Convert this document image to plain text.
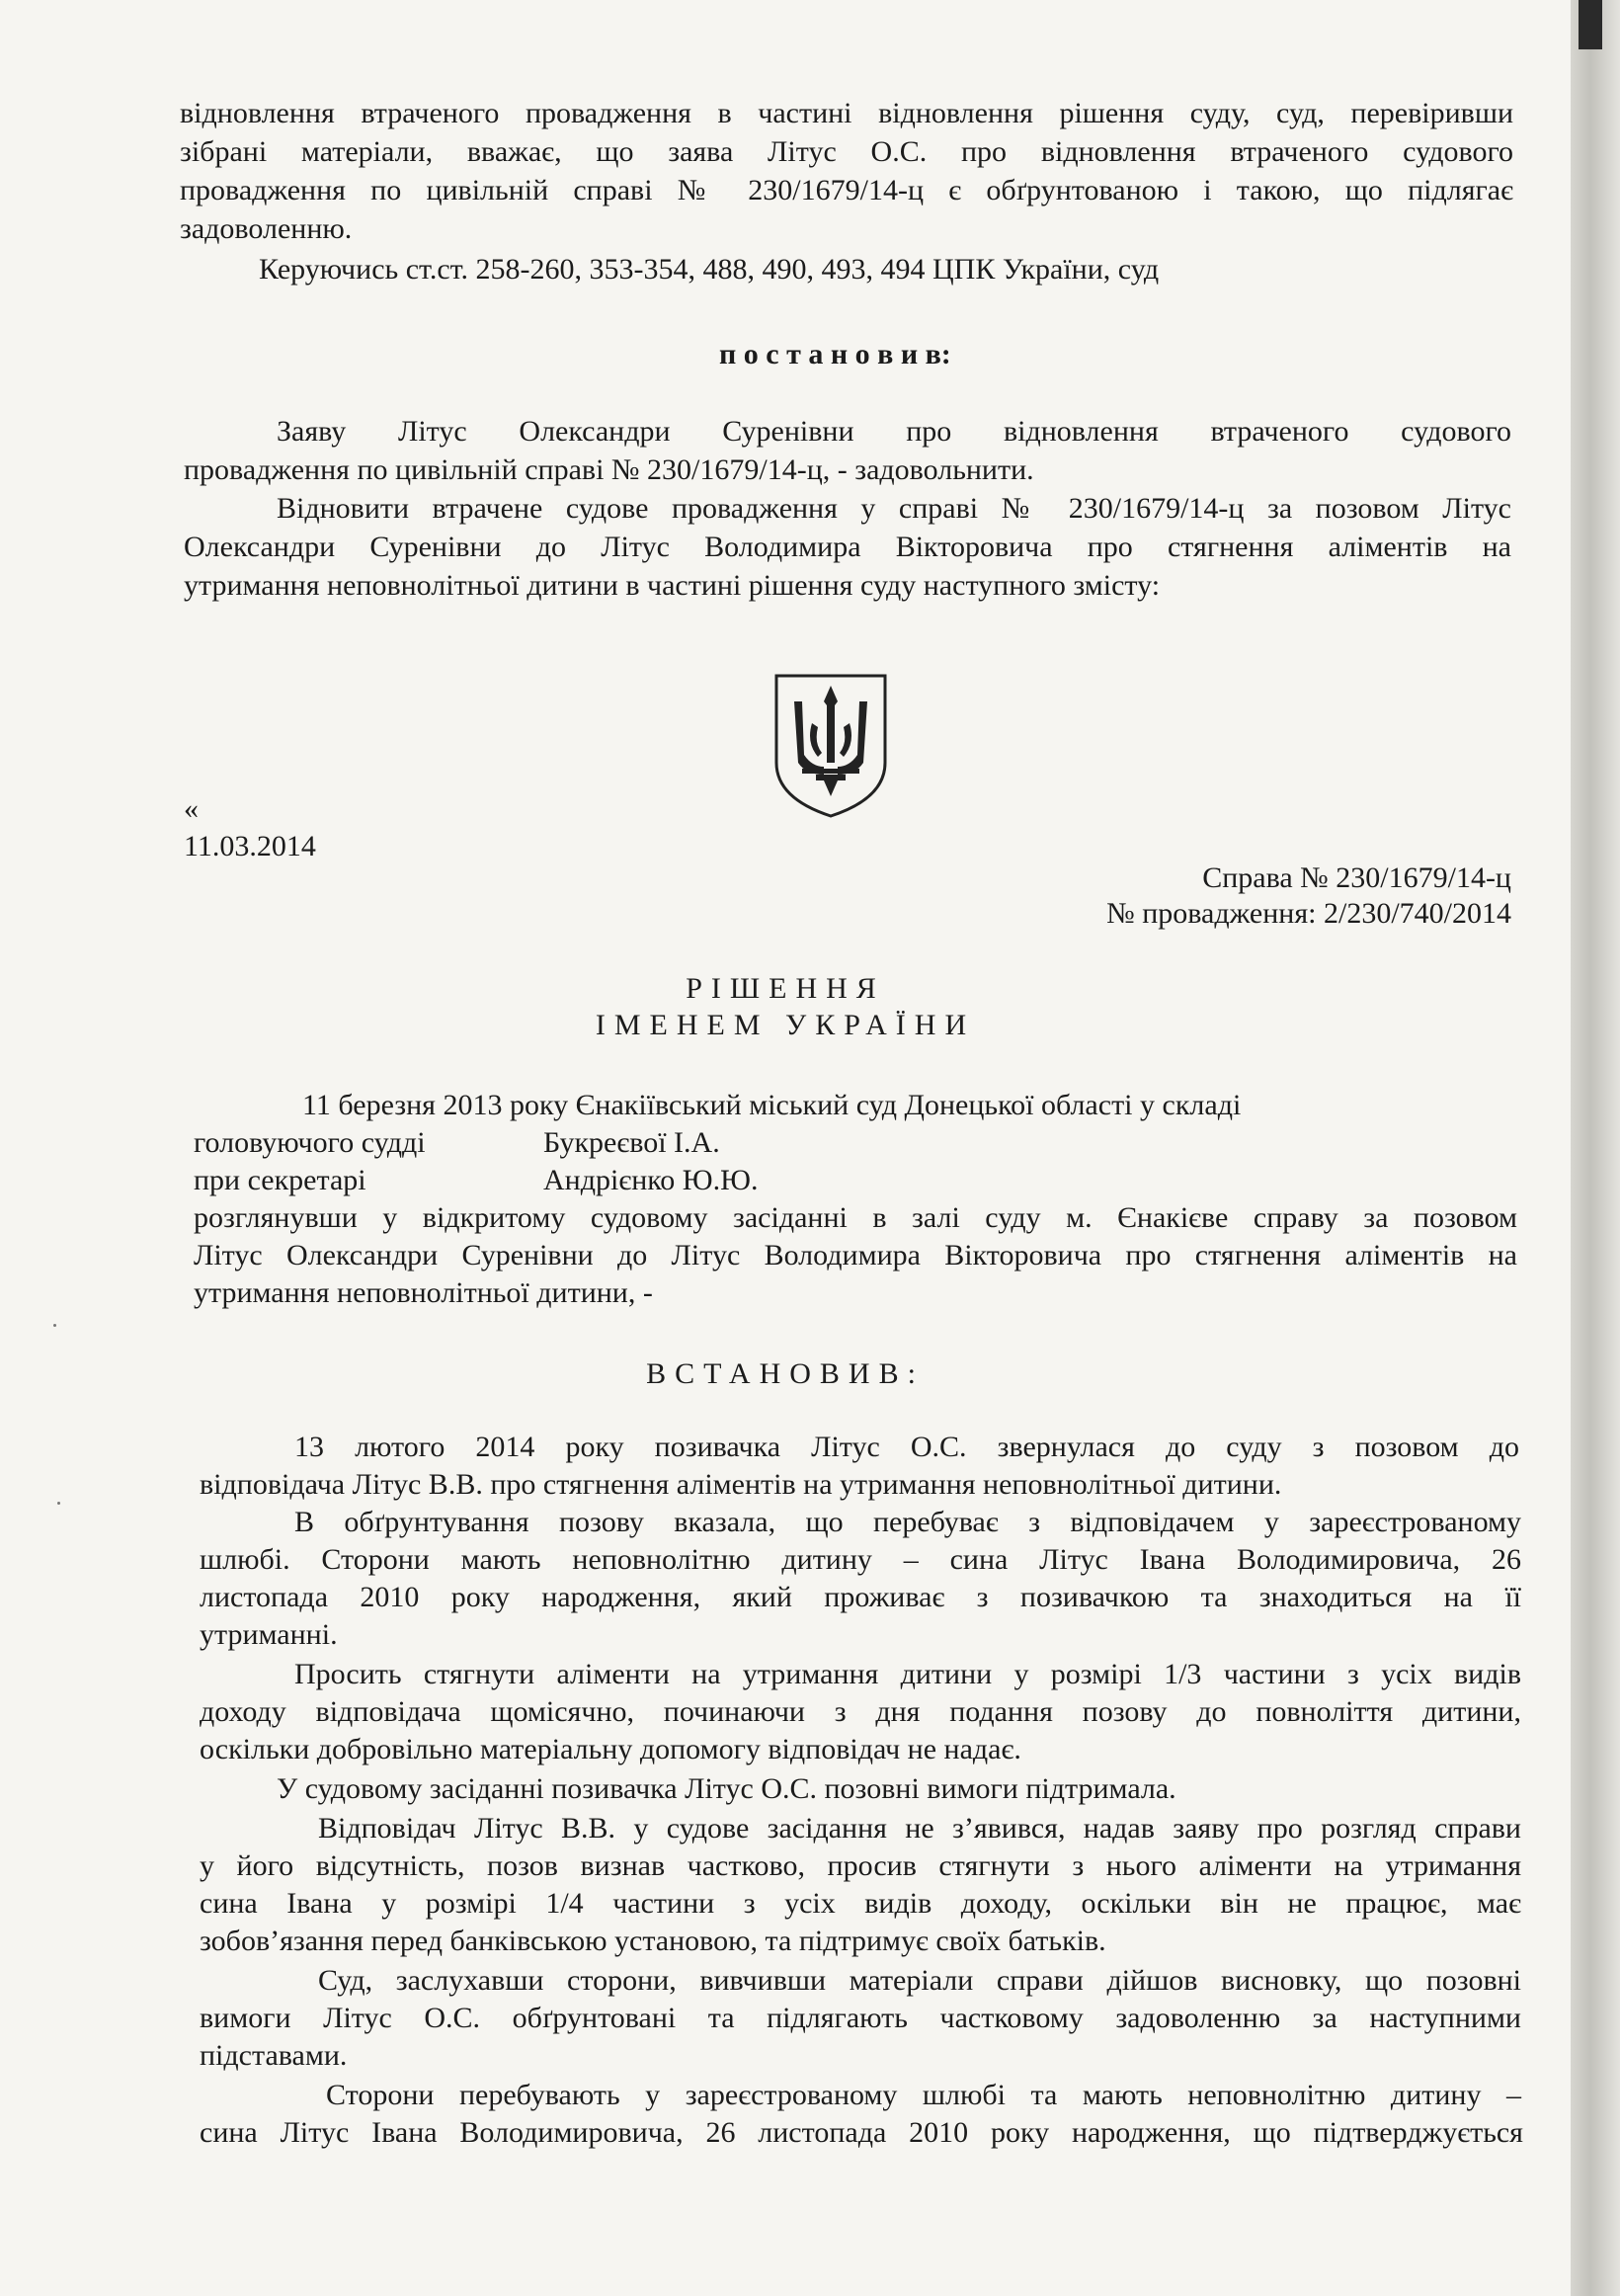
відновлення втраченого провадження в частині відновлення рішення суду, суд, перевіривши
зібрані матеріали, вважає, що заява Літус О.С. про відновлення втраченого судового
провадження по цивільній справі № 230/1679/14-ц є обґрунтованою і такою, що підлягає
задоволенню.
Керуючись ст.ст. 258-260, 353-354, 488, 490, 493, 494 ЦПК України, суд
п о с т а н о в и в:
Заяву Літус Олександри Суренівни про відновлення втраченого судового
провадження по цивільній справі № 230/1679/14-ц, - задовольнити.
Відновити втрачене судове провадження у справі № 230/1679/14-ц за позовом Літус
Олександри Суренівни до Літус Володимира Вікторовича про стягнення аліментів на
утримання неповнолітньої дитини в частині рішення суду наступного змісту:
«
11.03.2014
Справа № 230/1679/14-ц
№ провадження: 2/230/740/2014
РІШЕННЯ
ІМЕНЕМ УКРАЇНИ
11 березня 2013 року Єнакіївський міський суд Донецької області у складі
головуючого судді	Букреєвої І.А.
при секретарі	Андрієнко Ю.Ю.
розглянувши у відкритому судовому засіданні в залі суду м. Єнакієве справу за позовом
Літус Олександри Суренівни до Літус Володимира Вікторовича про стягнення аліментів на
утримання неповнолітньої дитини, -
ВСТАНОВИВ:
13 лютого 2014 року позивачка Літус О.С. звернулася до суду з позовом до
відповідача Літус В.В. про стягнення аліментів на утримання неповнолітньої дитини.
В обґрунтування позову вказала, що перебуває з відповідачем у зареєстрованому
шлюбі. Сторони мають неповнолітню дитину – сина Літус Івана Володимировича, 26
листопада 2010 року народження, який проживає з позивачкою та знаходиться на її
утриманні.
Просить стягнути аліменти на утримання дитини у розмірі 1/3 частини з усіх видів
доходу відповідача щомісячно, починаючи з дня подання позову до повноліття дитини,
оскільки добровільно матеріальну допомогу відповідач не надає.
У судовому засіданні позивачка Літус О.С. позовні вимоги підтримала.
Відповідач Літус В.В. у судове засідання не з’явився, надав заяву про розгляд справи
у його відсутність, позов визнав частково, просив стягнути з нього аліменти на утримання
сина Івана у розмірі 1/4 частини з усіх видів доходу, оскільки він не працює, має
зобов’язання перед банківською установою, та підтримує своїх батьків.
Суд, заслухавши сторони, вивчивши матеріали справи дійшов висновку, що позовні
вимоги Літус О.С. обґрунтовані та підлягають частковому задоволенню за наступними
підставами.
Сторони перебувають у зареєстрованому шлюбі та мають неповнолітню дитину –
сина Літус Івана Володимировича, 26 листопада 2010 року народження, що підтверджується
